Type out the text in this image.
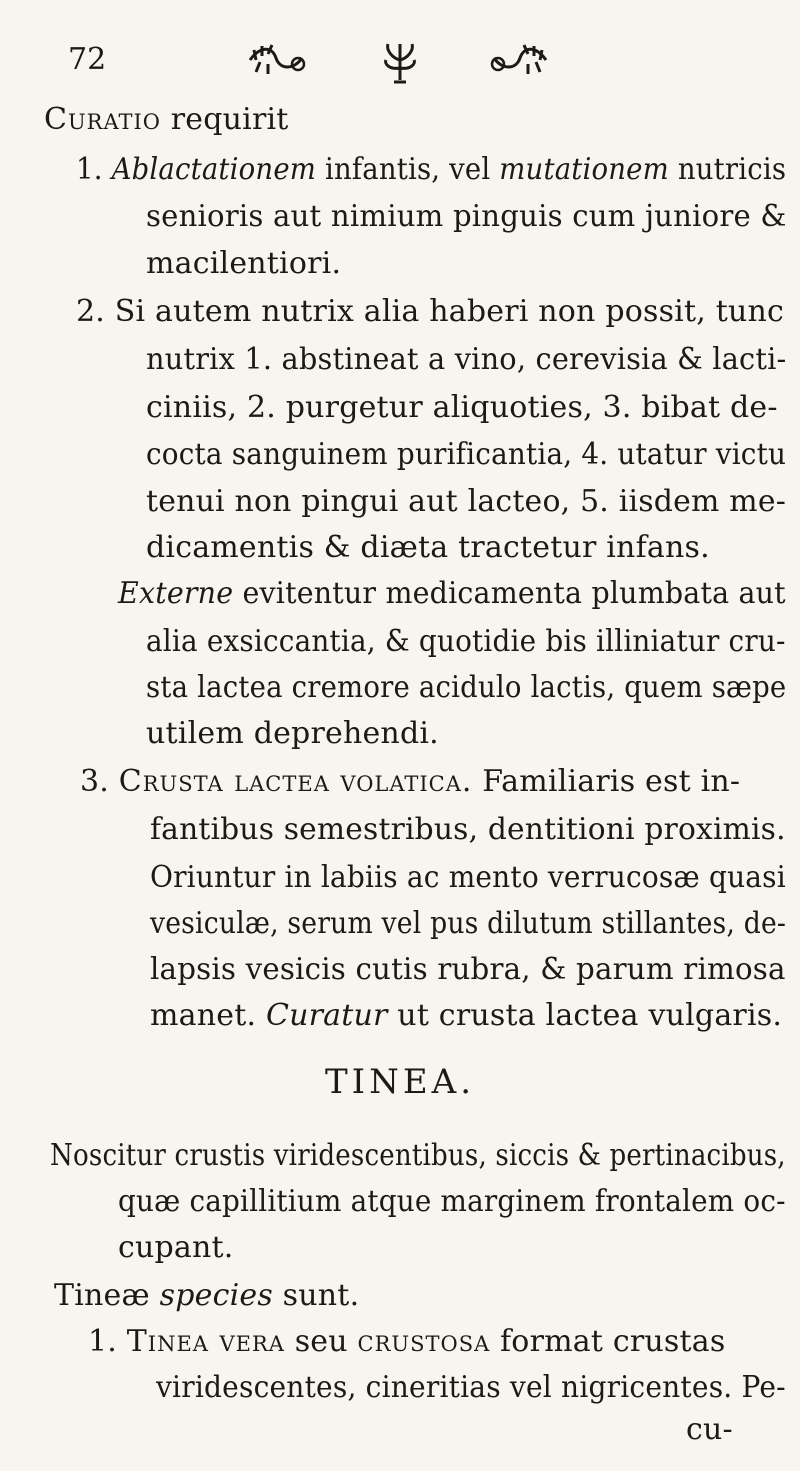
72
Curatio requirit
1. Ablactationem infantis, vel mutationem nutricis
senioris aut nimium pinguis cum juniore &
macilentiori.
2. Si autem nutrix alia haberi non possit, tunc
nutrix 1. abstineat a vino, cerevisia & lacti-
ciniis, 2. purgetur aliquoties, 3. bibat de-
cocta sanguinem purificantia, 4. utatur victu
tenui non pingui aut lacteo, 5. iisdem me-
dicamentis & diæta tractetur infans.
Externe evitentur medicamenta plumbata aut
alia exsiccantia, & quotidie bis illiniatur cru-
sta lactea cremore acidulo lactis, quem sæpe
utilem deprehendi.
3. Crusta lactea volatica. Familiaris est in-
fantibus semestribus, dentitioni proximis.
Oriuntur in labiis ac mento verrucosæ quasi
vesiculæ, serum vel pus dilutum stillantes, de-
lapsis vesicis cutis rubra, & parum rimosa
manet. Curatur ut crusta lactea vulgaris.
TINEA.
Noscitur crustis viridescentibus, siccis & pertinacibus,
quæ capillitium atque marginem frontalem oc-
cupant.
Tineæ species sunt.
1. Tinea vera seu crustosa format crustas
viridescentes, cineritias vel nigricentes. Pe-
cu-
